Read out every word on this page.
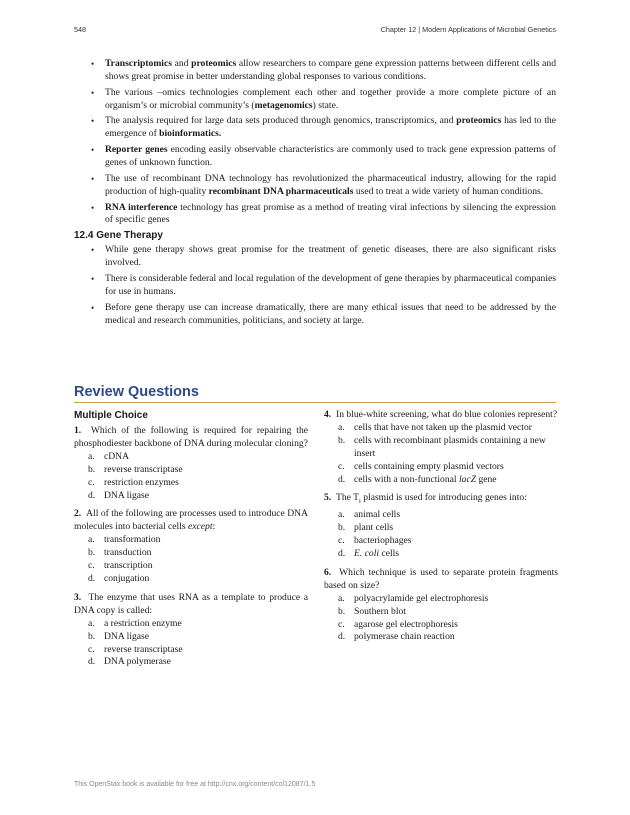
548	Chapter 12 | Modern Applications of Microbial Genetics
• Transcriptomics and proteomics allow researchers to compare gene expression patterns between different cells and shows great promise in better understanding global responses to various conditions.
• The various –omics technologies complement each other and together provide a more complete picture of an organism’s or microbial community’s (metagenomics) state.
• The analysis required for large data sets produced through genomics, transcriptomics, and proteomics has led to the emergence of bioinformatics.
• Reporter genes encoding easily observable characteristics are commonly used to track gene expression patterns of genes of unknown function.
• The use of recombinant DNA technology has revolutionized the pharmaceutical industry, allowing for the rapid production of high-quality recombinant DNA pharmaceuticals used to treat a wide variety of human conditions.
• RNA interference technology has great promise as a method of treating viral infections by silencing the expression of specific genes
12.4 Gene Therapy
• While gene therapy shows great promise for the treatment of genetic diseases, there are also significant risks involved.
• There is considerable federal and local regulation of the development of gene therapies by pharmaceutical companies for use in humans.
• Before gene therapy use can increase dramatically, there are many ethical issues that need to be addressed by the medical and research communities, politicians, and society at large.
Review Questions
Multiple Choice
1. Which of the following is required for repairing the phosphodiester backbone of DNA during molecular cloning?
a. cDNA
b. reverse transcriptase
c. restriction enzymes
d. DNA ligase
2. All of the following are processes used to introduce DNA molecules into bacterial cells except:
a. transformation
b. transduction
c. transcription
d. conjugation
3. The enzyme that uses RNA as a template to produce a DNA copy is called:
a. a restriction enzyme
b. DNA ligase
c. reverse transcriptase
d. DNA polymerase
4. In blue-white screening, what do blue colonies represent?
a. cells that have not taken up the plasmid vector
b. cells with recombinant plasmids containing a new insert
c. cells containing empty plasmid vectors
d. cells with a non-functional lacZ gene
5. The $T_i$ plasmid is used for introducing genes into:
a. animal cells
b. plant cells
c. bacteriophages
d. E. coli cells
6. Which technique is used to separate protein fragments based on size?
a. polyacrylamide gel electrophoresis
b. Southern blot
c. agarose gel electrophoresis
d. polymerase chain reaction
This OpenStax book is available for free at http://cnx.org/content/col12087/1.5
